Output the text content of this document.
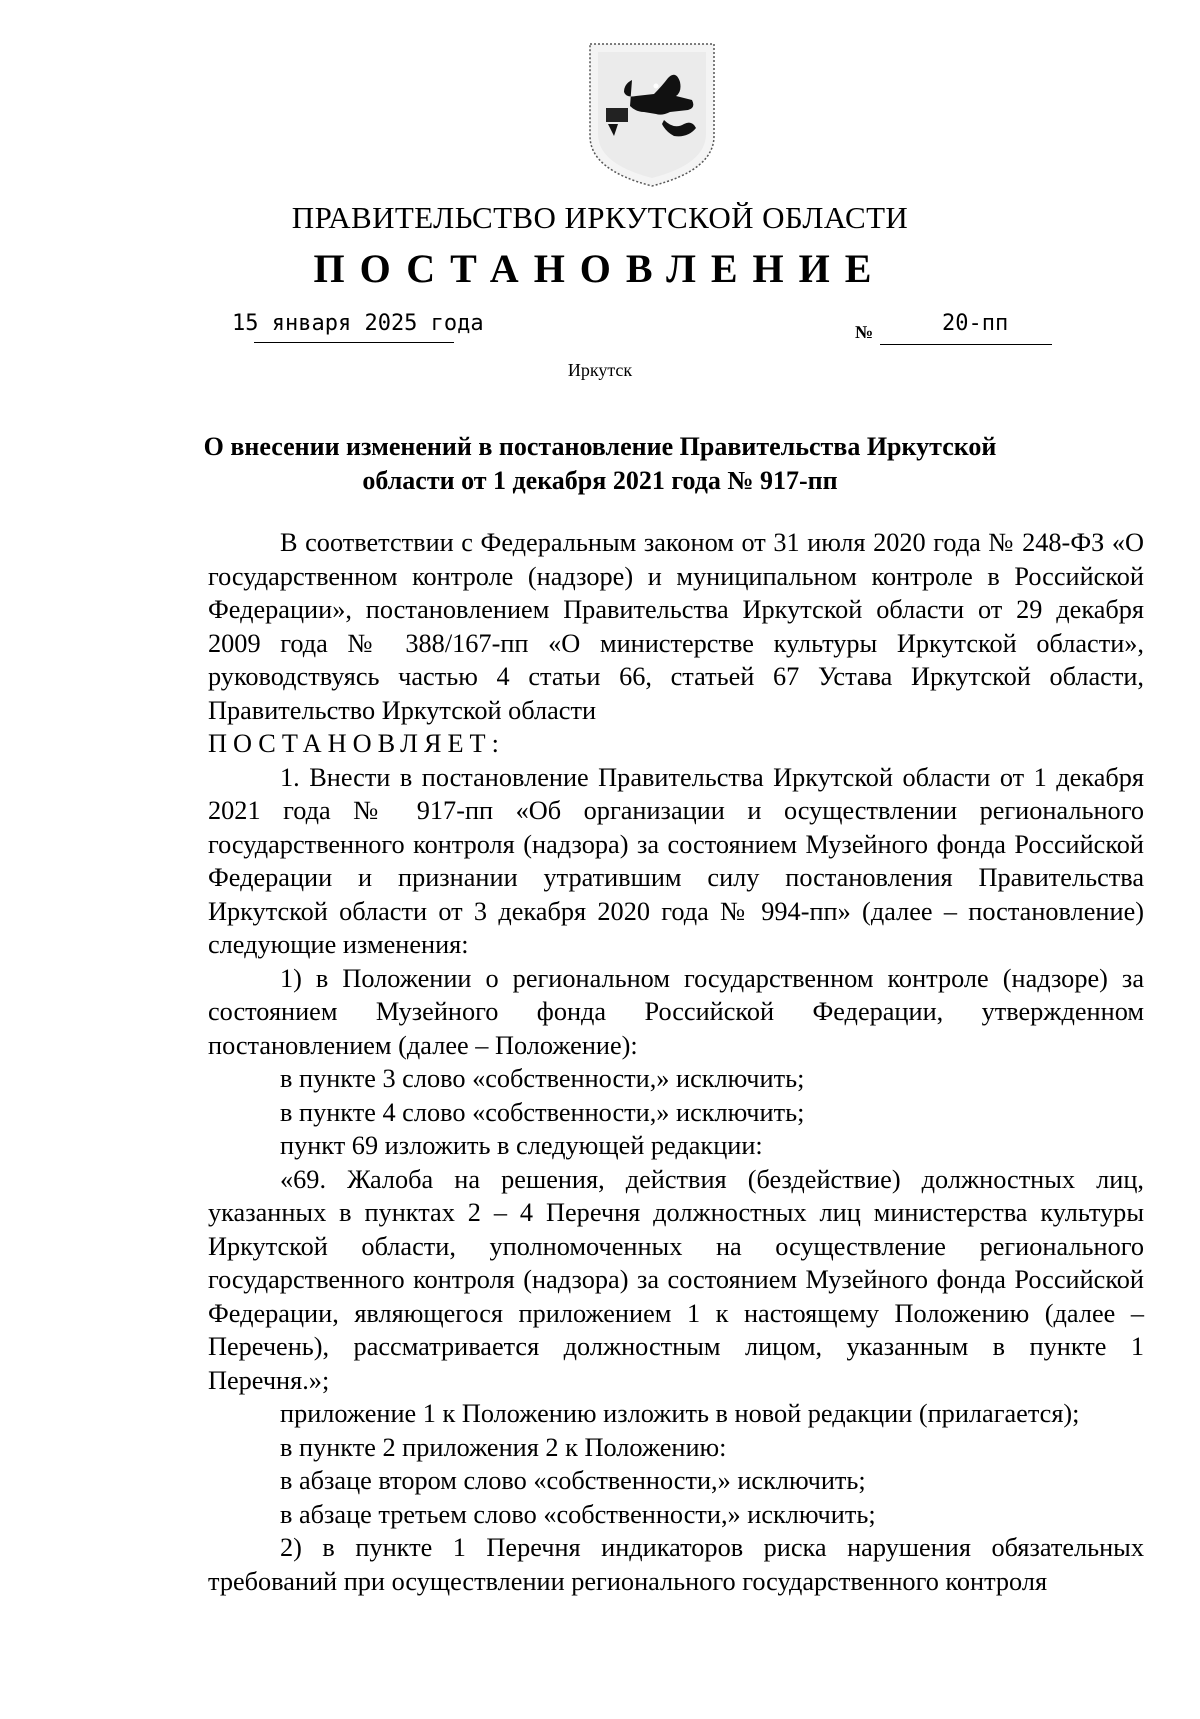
ПРАВИТЕЛЬСТВО ИРКУТСКОЙ ОБЛАСТИ
ПОСТАНОВЛЕНИЕ
15 января 2025 года	№	20-пп
Иркутск
О внесении изменений в постановление Правительства Иркутской
области от 1 декабря 2021 года № 917-пп

В соответствии с Федеральным законом от 31 июля 2020 года № 248-ФЗ «О государственном контроле (надзоре) и муниципальном контроле в Российской Федерации», постановлением Правительства Иркутской области от 29 декабря 2009 года № 388/167-пп «О министерстве культуры Иркутской области», руководствуясь частью 4 статьи 66, статьей 67 Устава Иркутской области, Правительство Иркутской области

ПОСТАНОВЛЯЕТ:

1. Внести в постановление Правительства Иркутской области от 1 декабря 2021 года № 917-пп «Об организации и осуществлении регионального государственного контроля (надзора) за состоянием Музейного фонда Российской Федерации и признании утратившим силу постановления Правительства Иркутской области от 3 декабря 2020 года № 994-пп» (далее – постановление) следующие изменения:

1) в Положении о региональном государственном контроле (надзоре) за состоянием Музейного фонда Российской Федерации, утвержденном постановлением (далее – Положение):

в пункте 3 слово «собственности,» исключить;

в пункте 4 слово «собственности,» исключить;

пункт 69 изложить в следующей редакции:

«69. Жалоба на решения, действия (бездействие) должностных лиц, указанных в пунктах 2 – 4 Перечня должностных лиц министерства культуры Иркутской области, уполномоченных на осуществление регионального государственного контроля (надзора) за состоянием Музейного фонда Российской Федерации, являющегося приложением 1 к настоящему Положению (далее – Перечень), рассматривается должностным лицом, указанным в пункте 1 Перечня.»;

приложение 1 к Положению изложить в новой редакции (прилагается);

в пункте 2 приложения 2 к Положению:

в абзаце втором слово «собственности,» исключить;

в абзаце третьем слово «собственности,» исключить;

2) в пункте 1 Перечня индикаторов риска нарушения обязательных требований при осуществлении регионального государственного контроля
